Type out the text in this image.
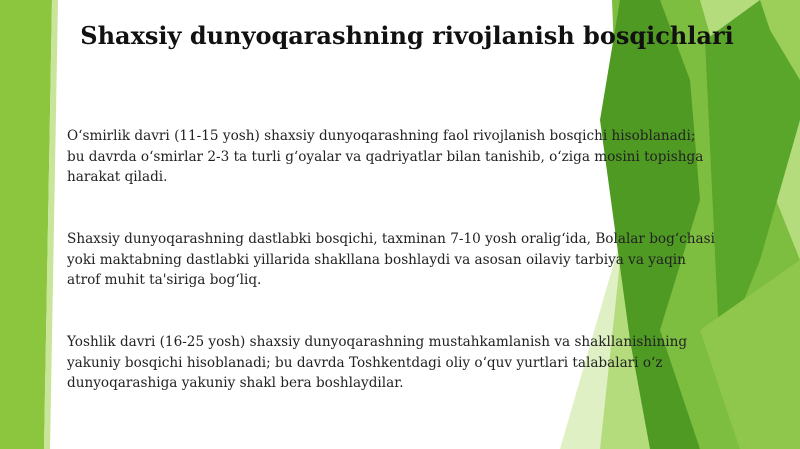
Shaxsiy dunyoqarashning rivojlanish bosqichlari

O‘smirlik davri (11-15 yosh) shaxsiy dunyoqarashning faol rivojlanish bosqichi hisoblanadi;
bu davrda o‘smirlar 2-3 ta turli g‘oyalar va qadriyatlar bilan tanishib, o‘ziga mosini topishga
harakat qiladi.

Shaxsiy dunyoqarashning dastlabki bosqichi, taxminan 7-10 yosh oralig‘ida, Bolalar bog‘chasi
yoki maktabning dastlabki yillarida shakllana boshlaydi va asosan oilaviy tarbiya va yaqin
atrof muhit ta'siriga bog‘liq.

Yoshlik davri (16-25 yosh) shaxsiy dunyoqarashning mustahkamlanish va shakllanishining
yakuniy bosqichi hisoblanadi; bu davrda Toshkentdagi oliy o‘quv yurtlari talabalari o‘z
dunyoqarashiga yakuniy shakl bera boshlaydilar.
